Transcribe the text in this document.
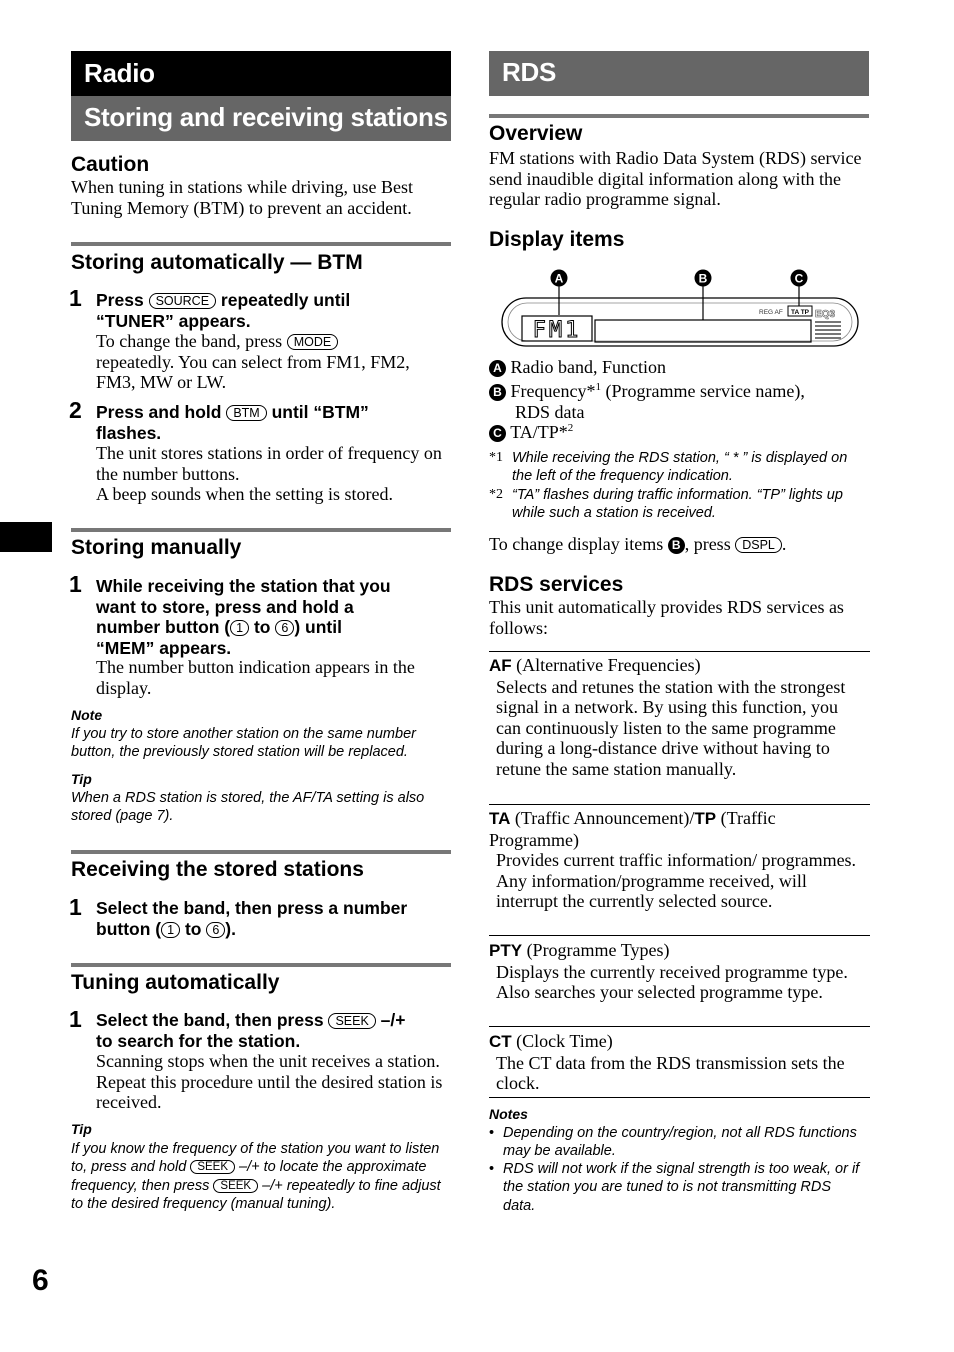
Radio
Storing and receiving stations
Caution
When tuning in stations while driving, use Best Tuning Memory (BTM) to prevent an accident.
Storing automatically — BTM
1 Press SOURCE repeatedly until
“TUNER” appears.
To change the band, press MODE
repeatedly. You can select from FM1, FM2,
FM3, MW or LW.
2 Press and hold BTM until “BTM”
flashes.
The unit stores stations in order of frequency on the number buttons.
A beep sounds when the setting is stored.
Storing manually
1 While receiving the station that you
want to store, press and hold a
number button ( 1 to 6 ) until
“MEM” appears.
The number button indication appears in the display.
Note
If you try to store another station on the same number button, the previously stored station will be replaced.
Tip
When a RDS station is stored, the AF/TA setting is also stored (page 7).
Receiving the stored stations
1 Select the band, then press a number
button ( 1 to 6 ).
Tuning automatically
1 Select the band, then press SEEK –/+
to search for the station.
Scanning stops when the unit receives a station. Repeat this procedure until the desired station is received.
Tip
If you know the frequency of the station you want to listen to, press and hold SEEK –/+ to locate the approximate frequency, then press SEEK –/+ repeatedly to fine adjust to the desired frequency (manual tuning).
6
RDS
Overview
FM stations with Radio Data System (RDS) service send inaudible digital information along with the regular radio programme signal.
Display items
A	B	C
FM1
REG AF TA TP EQ3
A Radio band, Function
B Frequency*$^1$ (Programme service name),
RDS data
C TA/TP*$^2$
*1 While receiving the RDS station, “ * ” is displayed on the left of the frequency indication.
*2 “TA” flashes during traffic information. “TP” lights up while such a station is received.
To change display items B , press DSPL .
RDS services
This unit automatically provides RDS services as follows:
AF (Alternative Frequencies)
Selects and retunes the station with the strongest signal in a network. By using this function, you can continuously listen to the same programme during a long-distance drive without having to retune the same station manually.
TA (Traffic Announcement)/TP (Traffic Programme)
Provides current traffic information/ programmes. Any information/programme received, will interrupt the currently selected source.
PTY (Programme Types)
Displays the currently received programme type. Also searches your selected programme type.
CT (Clock Time)
The CT data from the RDS transmission sets the clock.
Notes
• Depending on the country/region, not all RDS functions may be available.
• RDS will not work if the signal strength is too weak, or if the station you are tuned to is not transmitting RDS data.
